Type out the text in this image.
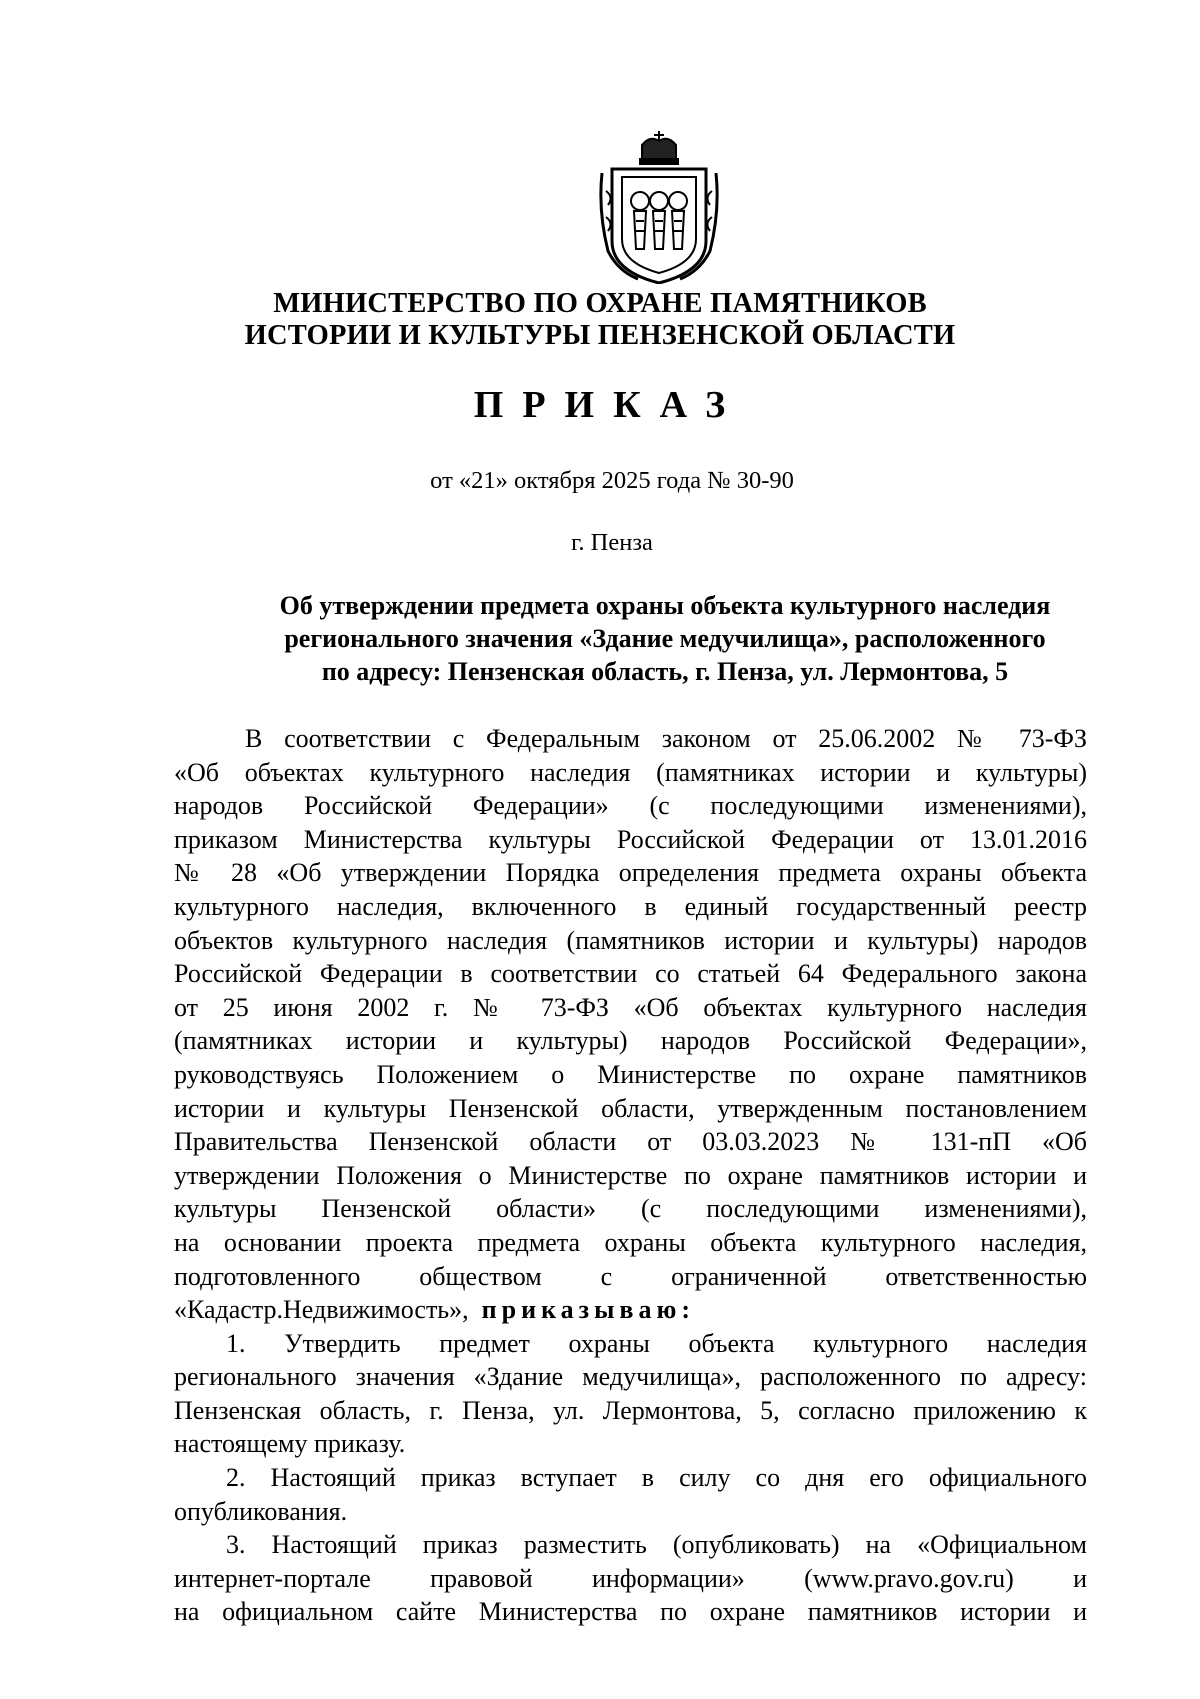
МИНИСТЕРСТВО ПО ОХРАНЕ ПАМЯТНИКОВ
ИСТОРИИ И КУЛЬТУРЫ ПЕНЗЕНСКОЙ ОБЛАСТИ
ПРИКАЗ
от «21» октября 2025 года № 30-90
г. Пенза
Об утверждении предмета охраны объекта культурного наследия
регионального значения «Здание медучилища», расположенного
по адресу: Пензенская область, г. Пенза, ул. Лермонтова, 5
В соответствии с Федеральным законом от 25.06.2002 № 73-ФЗ
«Об объектах культурного наследия (памятниках истории и культуры)
народов Российской Федерации» (с последующими изменениями),
приказом Министерства культуры Российской Федерации от 13.01.2016
№ 28 «Об утверждении Порядка определения предмета охраны объекта
культурного наследия, включенного в единый государственный реестр
объектов культурного наследия (памятников истории и культуры) народов
Российской Федерации в соответствии со статьей 64 Федерального закона
от 25 июня 2002 г. № 73-ФЗ «Об объектах культурного наследия
(памятниках истории и культуры) народов Российской Федерации»,
руководствуясь Положением о Министерстве по охране памятников
истории и культуры Пензенской области, утвержденным постановлением
Правительства Пензенской области от 03.03.2023 № 131-пП «Об
утверждении Положения о Министерстве по охране памятников истории и
культуры Пензенской области» (с последующими изменениями),
на основании проекта предмета охраны объекта культурного наследия,
подготовленного обществом с ограниченной ответственностью
«Кадастр.Недвижимость», приказываю:
1. Утвердить предмет охраны объекта культурного наследия
регионального значения «Здание медучилища», расположенного по адресу:
Пензенская область, г. Пенза, ул. Лермонтова, 5, согласно приложению к
настоящему приказу.
2. Настоящий приказ вступает в силу со дня его официального
опубликования.
3. Настоящий приказ разместить (опубликовать) на «Официальном
интернет-портале правовой информации» (www.pravo.gov.ru) и
на официальном сайте Министерства по охране памятников истории и
